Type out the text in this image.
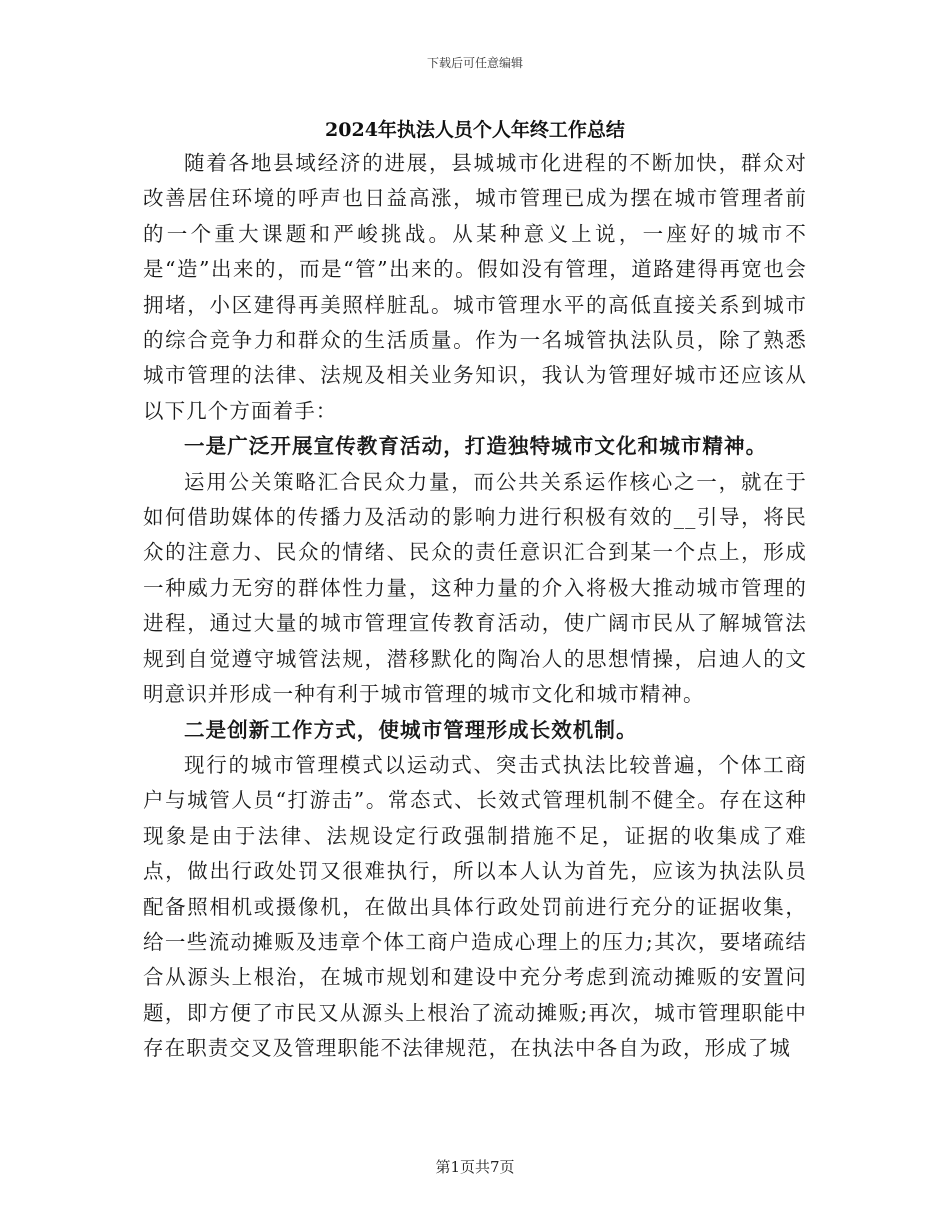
下载后可任意编辑
2024年执法人员个人年终工作总结

随着各地县域经济的进展，县城城市化进程的不断加快，群众对改善居住环境的呼声也日益高涨，城市管理已成为摆在城市管理者前的一个重大课题和严峻挑战。从某种意义上说，一座好的城市不是“造”出来的，而是“管”出来的。假如没有管理，道路建得再宽也会拥堵，小区建得再美照样脏乱。城市管理水平的高低直接关系到城市的综合竞争力和群众的生活质量。作为一名城管执法队员，除了熟悉城市管理的法律、法规及相关业务知识，我认为管理好城市还应该从以下几个方面着手：

一是广泛开展宣传教育活动，打造独特城市文化和城市精神。

运用公关策略汇合民众力量，而公共关系运作核心之一，就在于如何借助媒体的传播力及活动的影响力进行积极有效的__引导，将民众的注意力、民众的情绪、民众的责任意识汇合到某一个点上，形成一种威力无穷的群体性力量，这种力量的介入将极大推动城市管理的进程，通过大量的城市管理宣传教育活动，使广阔市民从了解城管法规到自觉遵守城管法规，潜移默化的陶冶人的思想情操，启迪人的文明意识并形成一种有利于城市管理的城市文化和城市精神。

二是创新工作方式，使城市管理形成长效机制。

现行的城市管理模式以运动式、突击式执法比较普遍，个体工商户与城管人员“打游击”。常态式、长效式管理机制不健全。存在这种现象是由于法律、法规设定行政强制措施不足，证据的收集成了难点，做出行政处罚又很难执行，所以本人认为首先，应该为执法队员配备照相机或摄像机，在做出具体行政处罚前进行充分的证据收集，给一些流动摊贩及违章个体工商户造成心理上的压力;其次，要堵疏结合从源头上根治，在城市规划和建设中充分考虑到流动摊贩的安置问题，即方便了市民又从源头上根治了流动摊贩;再次，城市管理职能中存在职责交叉及管理职能不法律规范，在执法中各自为政，形成了城

第1页共7页
